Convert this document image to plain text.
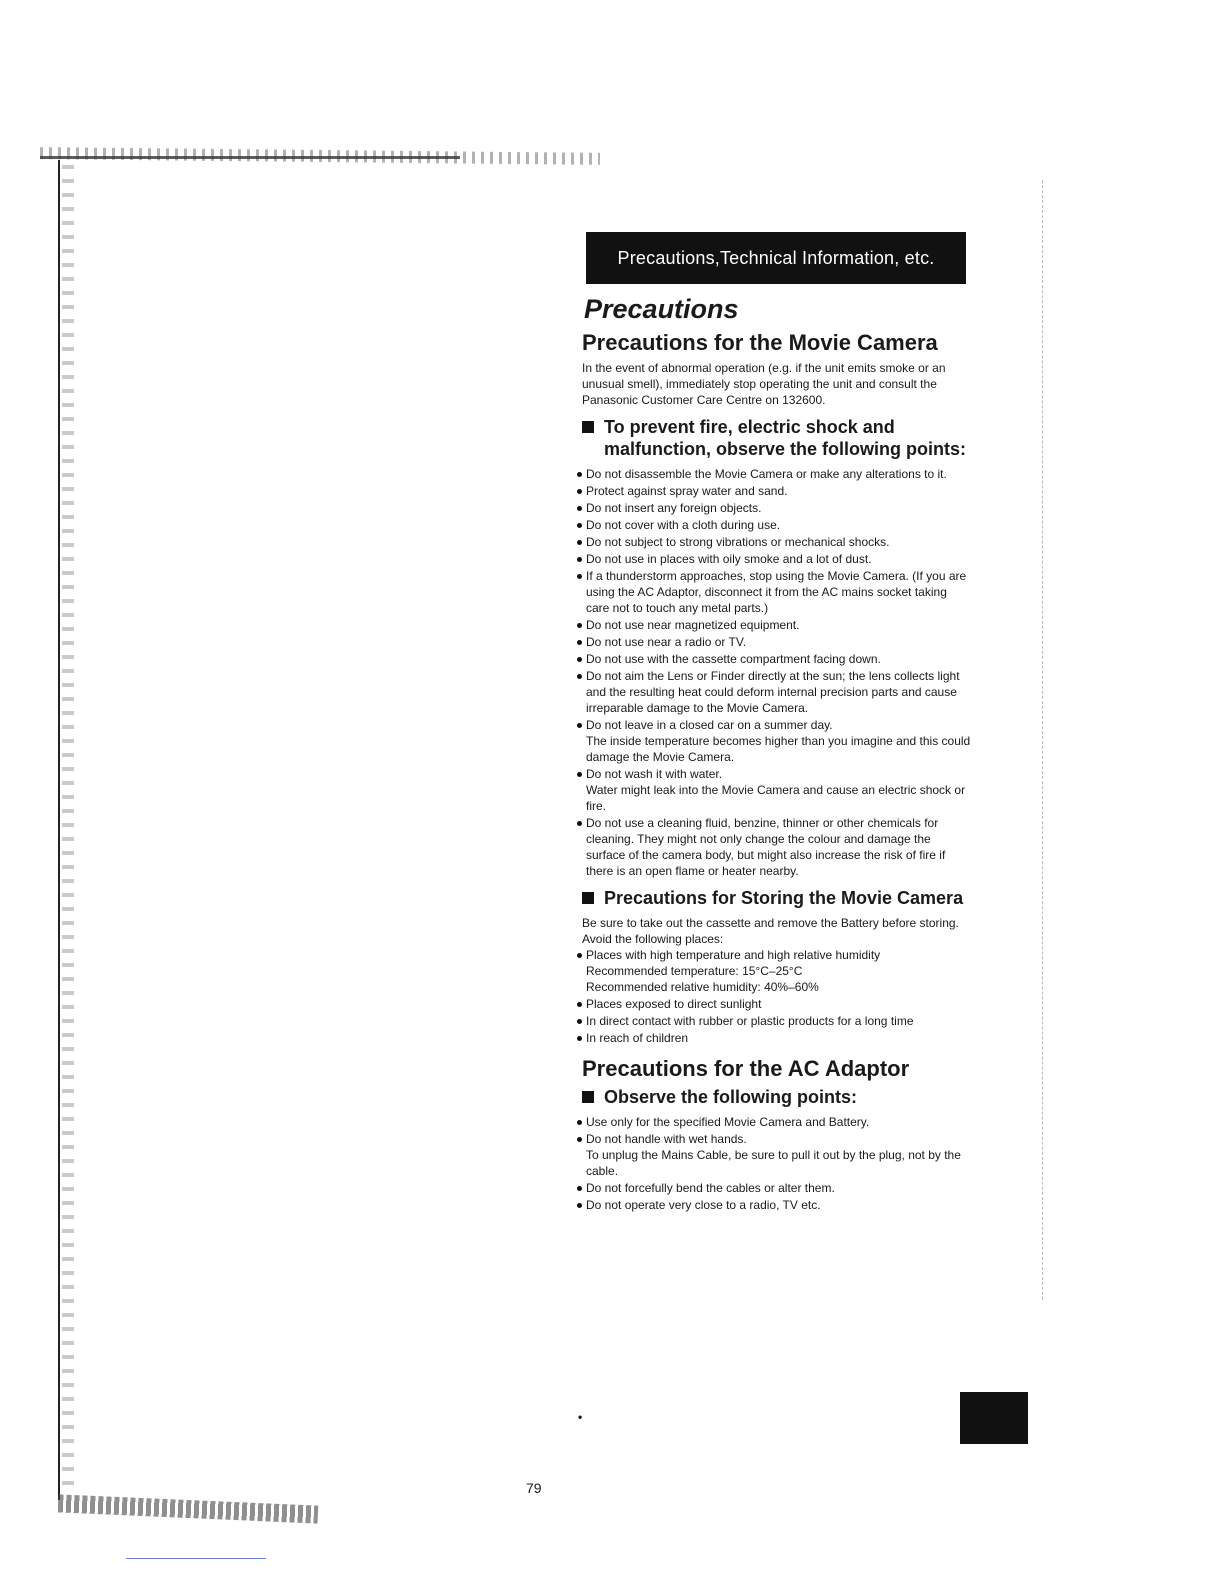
Precautions,Technical Information, etc.
Precautions
Precautions for the Movie Camera

In the event of abnormal operation (e.g. if the unit emits smoke or an unusual smell), immediately stop operating the unit and consult the Panasonic Customer Care Centre on 132600.

To prevent fire, electric shock and malfunction, observe the following points:
Do not disassemble the Movie Camera or make any alterations to it.
Protect against spray water and sand.
Do not insert any foreign objects.
Do not cover with a cloth during use.
Do not subject to strong vibrations or mechanical shocks.
Do not use in places with oily smoke and a lot of dust.
If a thunderstorm approaches, stop using the Movie Camera. (If you are using the AC Adaptor, disconnect it from the AC mains socket taking care not to touch any metal parts.)
Do not use near magnetized equipment.
Do not use near a radio or TV.
Do not use with the cassette compartment facing down.
Do not aim the Lens or Finder directly at the sun; the lens collects light and the resulting heat could deform internal precision parts and cause irreparable damage to the Movie Camera.
Do not leave in a closed car on a summer day.
The inside temperature becomes higher than you imagine and this could damage the Movie Camera.
Do not wash it with water.
Water might leak into the Movie Camera and cause an electric shock or fire.
Do not use a cleaning fluid, benzine, thinner or other chemicals for cleaning. They might not only change the colour and damage the surface of the camera body, but might also increase the risk of fire if there is an open flame or heater nearby.
Precautions for Storing the Movie Camera

Be sure to take out the cassette and remove the Battery before storing.

Avoid the following places:

Places with high temperature and high relative humidity
Recommended temperature: 15°C–25°C
Recommended relative humidity: 40%–60%
Places exposed to direct sunlight
In direct contact with rubber or plastic products for a long time
In reach of children
Precautions for the AC Adaptor
Observe the following points:
Use only for the specified Movie Camera and Battery.
Do not handle with wet hands.
To unplug the Mains Cable, be sure to pull it out by the plug, not by the cable.
Do not forcefully bend the cables or alter them.
Do not operate very close to a radio, TV etc.
•
79
